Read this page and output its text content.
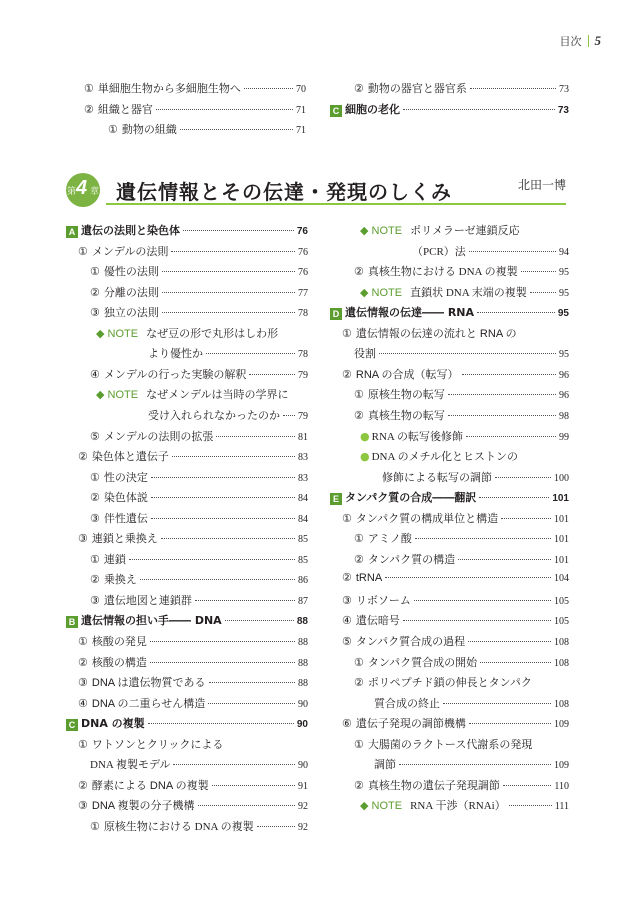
目次 5
① 単細胞生物から多細胞生物へ	70
② 組織と器官	71
① 動物の組織	71
② 動物の器官と器官系	73
C 細胞の老化	73
第 4 章 遺伝情報とその伝達・発現のしくみ	北田一博
A 遺伝の法則と染色体	76
① メンデルの法則	76
① 優性の法則	76
② 分離の法則	77
③ 独立の法則	78
◆ NOTE なぜ豆の形で丸形はしわ形
より優性か	78
④ メンデルの行った実験の解釈	79
◆ NOTE なぜメンデルは当時の学界に
受け入れられなかったのか 79
⑤ メンデルの法則の拡張	81
② 染色体と遺伝子	83
① 性の決定	83
② 染色体説	84
③ 伴性遺伝	84
③ 連鎖と乗換え	85
① 連鎖	85
② 乗換え	86
③ 遺伝地図と連鎖群	87
B 遺伝情報の担い手―― DNA	88
① 核酸の発見	88
② 核酸の構造	88
③ DNA は遺伝物質である	88
④ DNA の二重らせん構造	90
C DNA の複製	90
① ワトソンとクリックによる
DNA 複製モデル	90
② 酵素による DNA の複製	91
③ DNA 複製の分子機構	92
① 原核生物における DNA の複製	92
◆ NOTE ポリメラーゼ連鎖反応
（PCR）法	94
② 真核生物における DNA の複製	95
◆ NOTE 直鎖状 DNA 末端の複製	95
D 遺伝情報の伝達―― RNA	95
① 遺伝情報の伝達の流れと RNA の
役割	95
② RNA の合成（転写）	96
① 原核生物の転写	96
② 真核生物の転写	98
● RNA の転写後修飾	99
● DNA のメチル化とヒストンの
修飾による転写の調節	100
E タンパク質の合成――翻訳	101
① タンパク質の構成単位と構造	101
① アミノ酸	101
② タンパク質の構造	101
② tRNA	104
③ リボソーム	105
④ 遺伝暗号	105
⑤ タンパク質合成の過程	108
① タンパク質合成の開始	108
② ポリペプチド鎖の伸長とタンパク
質合成の終止	108
⑥ 遺伝子発現の調節機構	109
① 大腸菌のラクトース代謝系の発現
調節	109
② 真核生物の遺伝子発現調節	110
◆ NOTE RNA 干渉（RNAi）	111
